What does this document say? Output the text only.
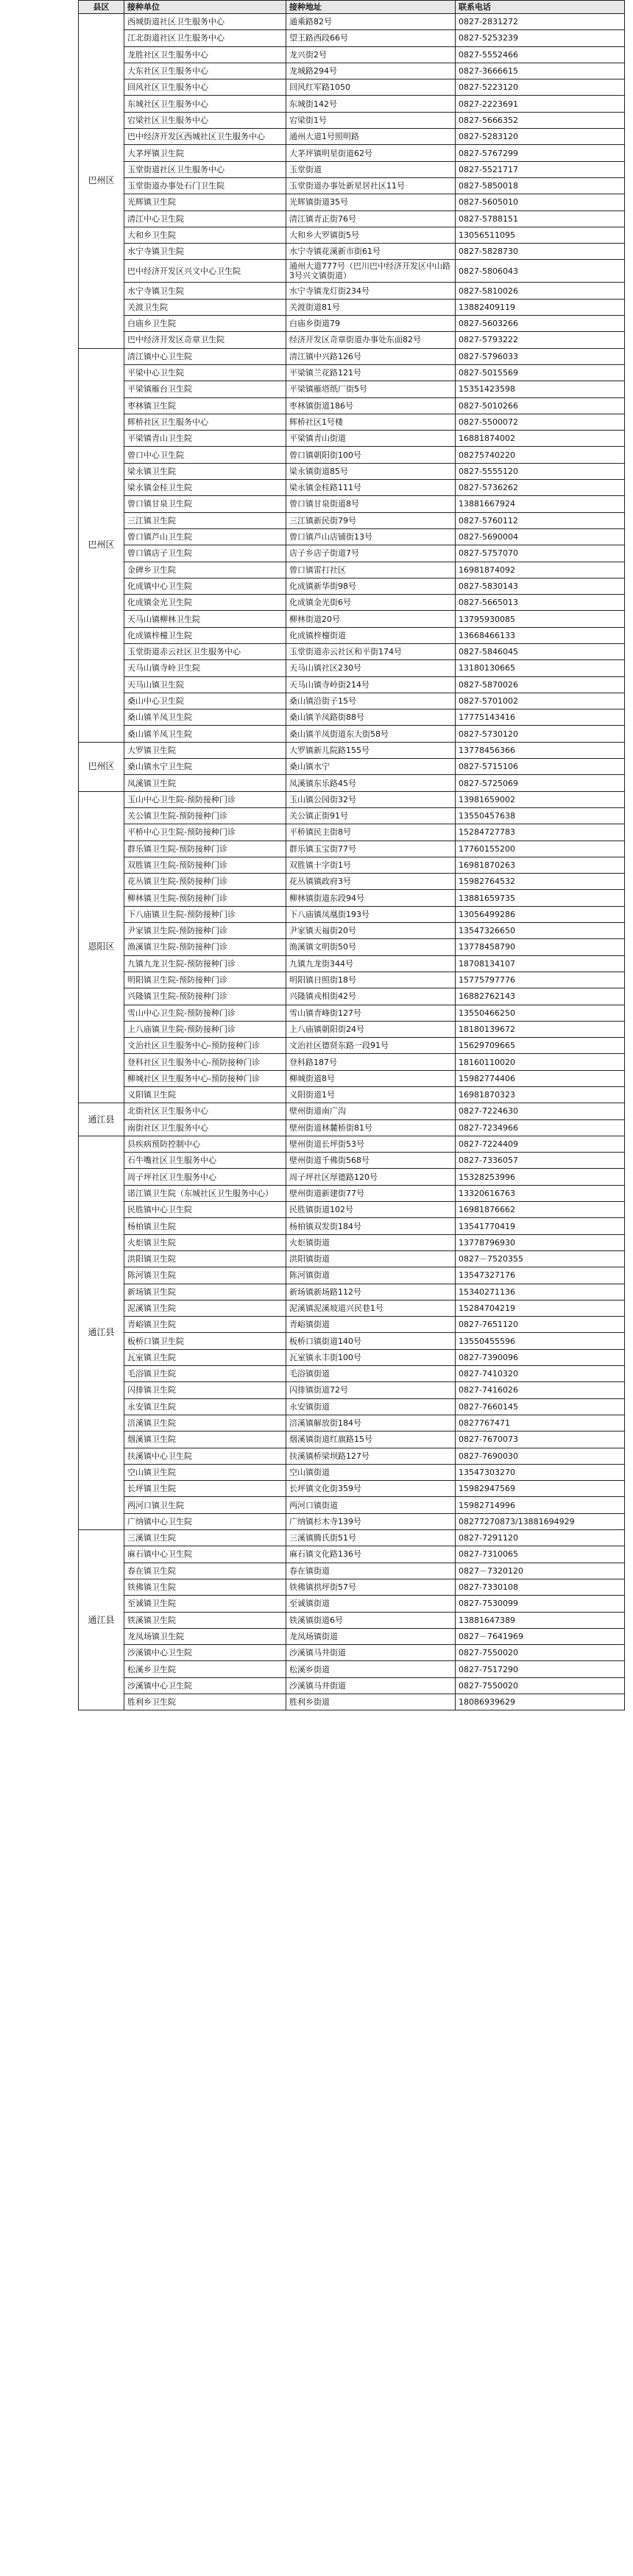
县区	接种单位	接种地址	联系电话
巴州区	西城街道社区卫生服务中心	通乘路82号	0827-2831272
	江北街道社区卫生服务中心	望王路西段66号	0827-5253239
	龙胜社区卫生服务中心	龙兴街2号	0827-5552466
	大东社区卫生服务中心	龙城路294号	0827-3666615
	回风社区卫生服务中心	回风红军路1050	0827-5223120
	东城社区卫生服务中心	东城街142号	0827-2223691
	宕梁社区卫生服务中心	宕梁街1号	0827-5666352
	巴中经济开发区西城社区卫生服务中心	通州大道1号照明路	0827-5283120
	大茅坪镇卫生院	大茅坪镇明星街道62号	0827-5767299
	玉堂街道社区卫生服务中心	玉堂街道	0827-5521717
	玉堂街道办事处石门卫生院	玉堂街道办事处新星居社区11号	0827-5850018
	光辉镇卫生院	光辉镇街道35号	0827-5605010
	清江中心卫生院	清江镇青正街76号	0827-5788151
	大和乡卫生院	大和乡大罗镇街5号	13056511095
	水宁寺镇卫生院	水宁寺镇花溪新市街61号	0827-5828730
	巴中经济开发区兴文中心卫生院	通州大道777号（巴川巴中经济开发区中山路3号兴文镇街道）	0827-5806043
	水宁寺镇卫生院	水宁寺镇龙灯街234号	0827-5810026
	关渡卫生院	关渡街道81号	13882409119
	白庙乡卫生院	白庙乡街道79	0827-5603266
	巴中经济开发区奇章卫生院	经济开发区奇章街道办事处东面82号	0827-5793222
巴州区	清江镇中心卫生院	清江镇中兴路126号	0827-5796033
	平梁中心卫生院	平梁镇兰花路121号	0827-5015569
	平梁镇雁台卫生院	平梁镇雁塔纸厂街5号	15351423598
	枣林镇卫生院	枣林镇街道186号	0827-5010266
	辉桥社区卫生服务中心	辉桥社区1号楼	0827-5500072
	平梁镇青山卫生院	平梁镇青山街道	16881874002
	曾口中心卫生院	曾口镇朝阳街100号	08275740220
	梁永镇卫生院	梁永镇街道85号	0827-5555120
	梁永镇金桂卫生院	梁永镇金桂路111号	0827-5736262
	曾口镇甘泉卫生院	曾口镇甘泉街道8号	13881667924
	三江镇卫生院	三江镇新民街79号	0827-5760112
	曾口镇芦山卫生院	曾口镇芦山店铺街13号	0827-5690004
	曾口镇店子卫生院	店子乡店子街道7号	0827-5757070
	金碑乡卫生院	曾口镇雷打社区	16981874092
	化成镇中心卫生院	化成镇新华街98号	0827-5830143
	化成镇金光卫生院	化成镇金光街6号	0827-5665013
	天马山镇柳林卫生院	柳林街道20号	13795930085
	化成镇梓橦卫生院	化成镇梓橦街道	13668466133
	玉堂街道赤云社区卫生服务中心	玉堂街道赤云社区和平街174号	0827-5846045
	天马山镇寺岭卫生院	天马山镇社区230号	13180130665
	天马山镇卫生院	天马山镇寺岭街214号	0827-5870026
	桑山中心卫生院	桑山镇沿街子15号	0827-5701002
	桑山镇羊凤卫生院	桑山镇羊凤路街88号	17775143416
	桑山镇羊凤卫生院	桑山镇羊凤街道东大街58号	0827-5730120
巴州区	大罗镇卫生院	大罗镇新儿院路155号	13778456366
	桑山镇水宁卫生院	桑山镇水宁	0827-5715106
	凤溪镇卫生院	凤溪镇东乐路45号	0827-5725069
恩阳区	玉山中心卫生院-预防接种门诊	玉山镇公园街32号	13981659002
	关公镇卫生院-预防接种门诊	关公镇正街91号	13550457638
	平桥中心卫生院-预防接种门诊	平桥镇民主街8号	15284727783
	群乐镇卫生院-预防接种门诊	群乐镇玉宝街77号	17760155200
	双胜镇卫生院-预防接种门诊	双胜镇十字街1号	16981870263
	花丛镇卫生院-预防接种门诊	花丛镇镇政府3号	15982764532
	柳林镇卫生院-预防接种门诊	柳林镇街道东段94号	13881659735
	下八庙镇卫生院-预防接种门诊	下八庙镇凤凰街193号	13056499286
	尹家镇卫生院-预防接种门诊	尹家镇天福街20号	13547326650
	渔溪镇卫生院-预防接种门诊	渔溪镇文明街50号	13778458790
	九镇九龙卫生院-预防接种门诊	九镇九龙街344号	18708134107
	明阳镇卫生院-预防接种门诊	明阳镇日照街18号	15775797776
	兴隆镇卫生院-预防接种门诊	兴隆镇戎相街42号	16882762143
	雪山中心卫生院-预防接种门诊	雪山镇青峰街127号	13550466250
	上八庙镇卫生院-预防接种门诊	上八庙镇朝阳街24号	18180139672
	文治社区卫生服务中心-预防接种门诊	文治社区德贤东路一段91号	15629709665
	登科社区卫生服务中心-预防接种门诊	登科路187号	18160110020
	柳城社区卫生服务中心-预防接种门诊	柳城街道8号	15982774406
	义阳镇卫生院	义阳街道1号	16981870323
通江县	北街社区卫生服务中心	壁州街道南广沟	0827-7224630
	南街社区卫生服务中心	壁州街道林麓桥街81号	0827-7234966
通江县	县疾病预防控制中心	壁州街道长坪街53号	0827-7224409
	石牛嘴社区卫生服务中心	壁州街道千佛街568号	0827-7336057
	周子坪社区卫生服务中心	周子坪社区厚德路120号	15328253996
	诺江镇卫生院（东城社区卫生服务中心）	壁州街道新建街77号	13320616763
	民胜镇中心卫生院	民胜镇街道102号	16981876662
	杨柏镇卫生院	杨柏镇双发街184号	13541770419
	火炬镇卫生院	火炬镇街道	13778796930
	洪阳镇卫生院	洪阳镇街道	0827－7520355
	陈河镇卫生院	陈河镇街道	13547327176
	新场镇卫生院	新场镇新场路112号	15340271136
	泥溪镇卫生院	泥溪镇泥溪坡道兴民巷1号	15284704219
	青峪镇卫生院	青峪镇街道	0827-7651120
	板桥口镇卫生院	板桥口镇街道140号	13550455596
	瓦室镇卫生院	瓦室镇永丰街100号	0827-7390096
	毛浴镇卫生院	毛浴镇街道	0827-7410320
	闪排镇卫生院	闪排镇街道72号	0827-7416026
	永安镇卫生院	永安镇街道	0827-7660145
	涪溪镇卫生院	涪溪镇解放街184号	0827767471
	烟溪镇卫生院	烟溪镇街道红旗路15号	0827-7670073
	扶溪镇中心卫生院	扶溪镇桥梁坝路127号	0827-7690030
	空山镇卫生院	空山镇街道	13547303270
	长坪镇卫生院	长坪镇文化街359号	15982947569
	两河口镇卫生院	两河口镇街道	15982714996
	广纳镇中心卫生院	广纳镇杉木寺139号	08277270873/13881694929
通江县	三溪镇卫生院	三溪镇腾氏街51号	0827-7291120
	麻石镇中心卫生院	麻石镇文化路136号	0827-7310065
	春在镇卫生院	春在镇街道	0827－7320120
	铁佛镇卫生院	铁佛镇拱坪街57号	0827-7330108
	至诚镇卫生院	至诚镇街道	0827-7530099
	铁溪镇卫生院	铁溪镇街道6号	13881647389
	龙凤场镇卫生院	龙凤场镇街道	0827－7641969
	沙溪镇中心卫生院	沙溪镇马井街道	0827-7550020
	松溪乡卫生院	松溪乡街道	0827-7517290
	沙溪镇中心卫生院	沙溪镇马井街道	0827-7550020
	胜利乡卫生院	胜利乡街道	18086939629
